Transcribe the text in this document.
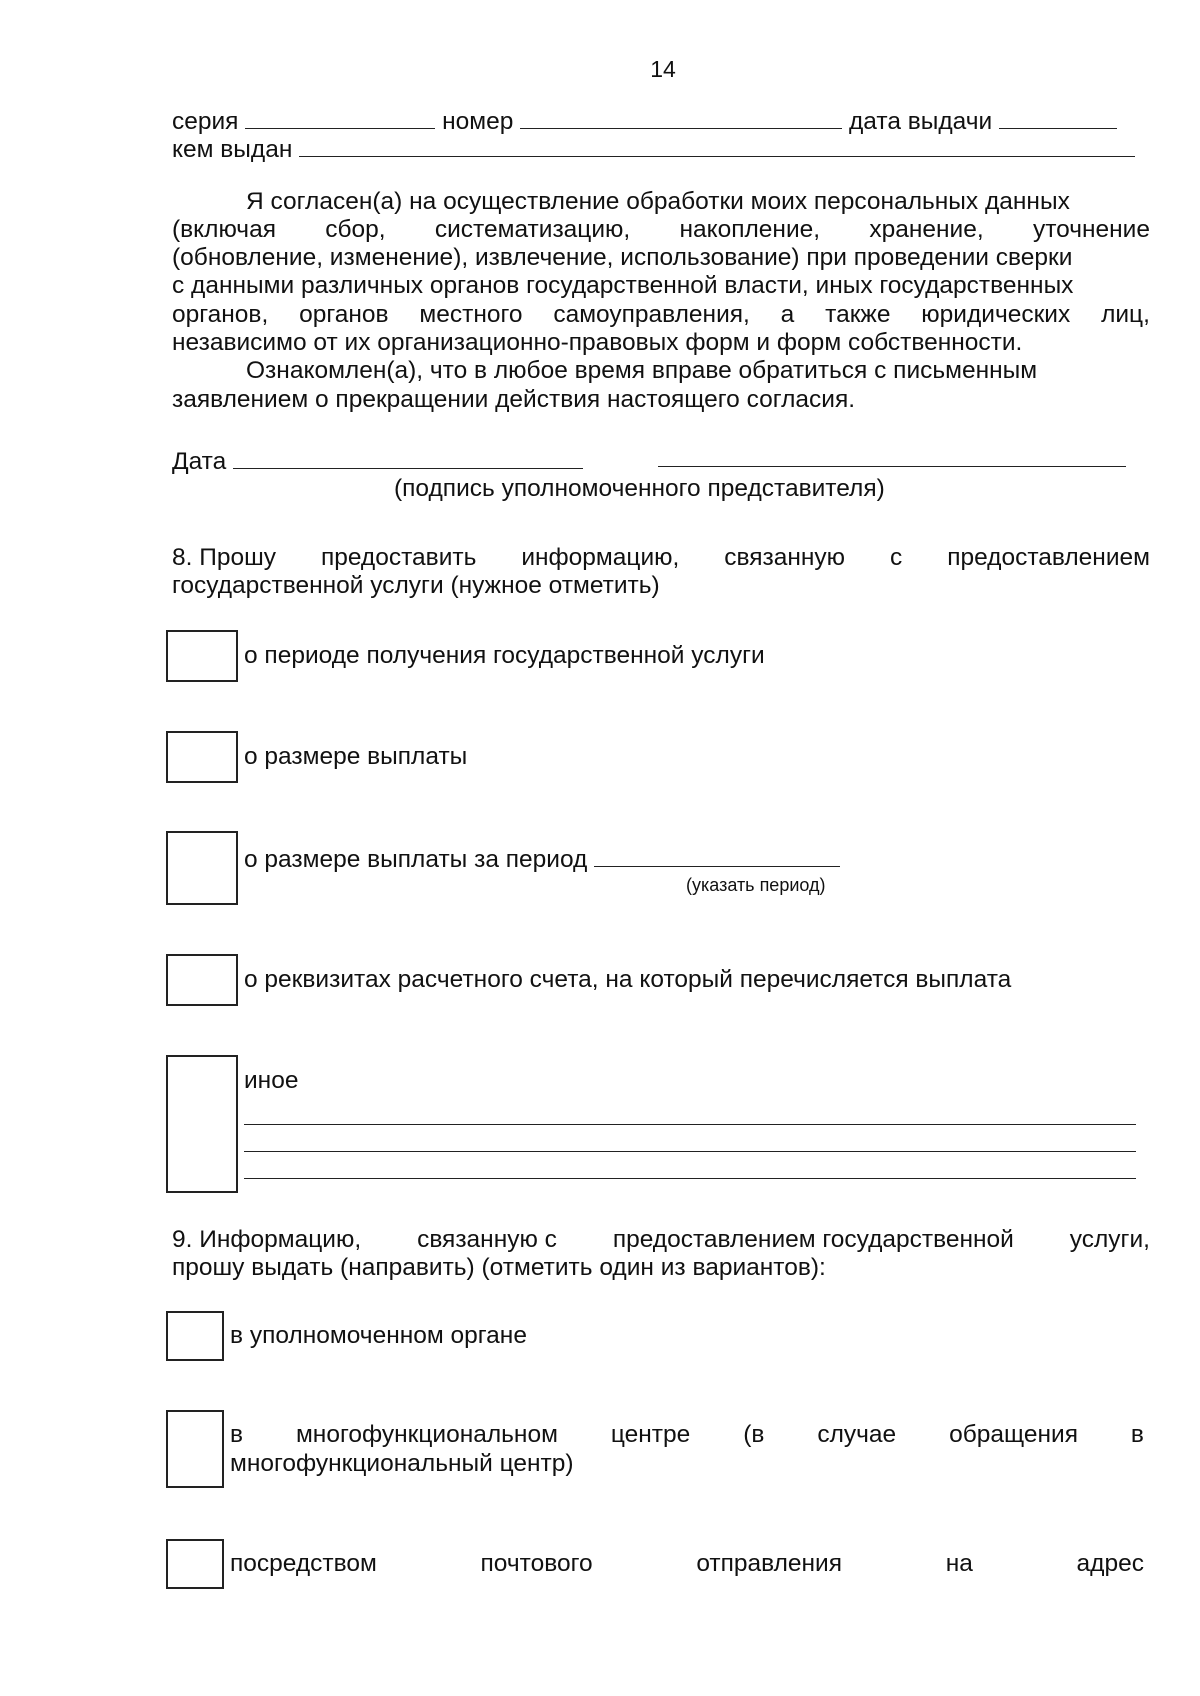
14
серия	номер	дата выдачи
кем выдан
Я согласен(а) на осуществление обработки моих персональных данных
(включая сбор, систематизацию, накопление, хранение, уточнение
(обновление, изменение), извлечение, использование) при проведении сверки
с данными различных органов государственной власти, иных государственных
органов, органов местного самоуправления, а также юридических лиц,
независимо от их организационно-правовых форм и форм собственности.
Ознакомлен(а), что в любое время вправе обратиться с письменным
заявлением о прекращении действия настоящего согласия.
Дата
(подпись уполномоченного представителя)
8. Прошу предоставить информацию, связанную с предоставлением
государственной услуги (нужное отметить)
о периоде получения государственной услуги
о размере выплаты
о размере выплаты за период
(указать период)
о реквизитах расчетного счета, на который перечисляется выплата
иное
9. Информацию, связанную с предоставлением государственной услуги,
прошу выдать (направить) (отметить один из вариантов):
в уполномоченном органе
в многофункциональном центре (в случае обращения в
многофункциональный центр)
посредством	почтового	отправления	на	адрес
